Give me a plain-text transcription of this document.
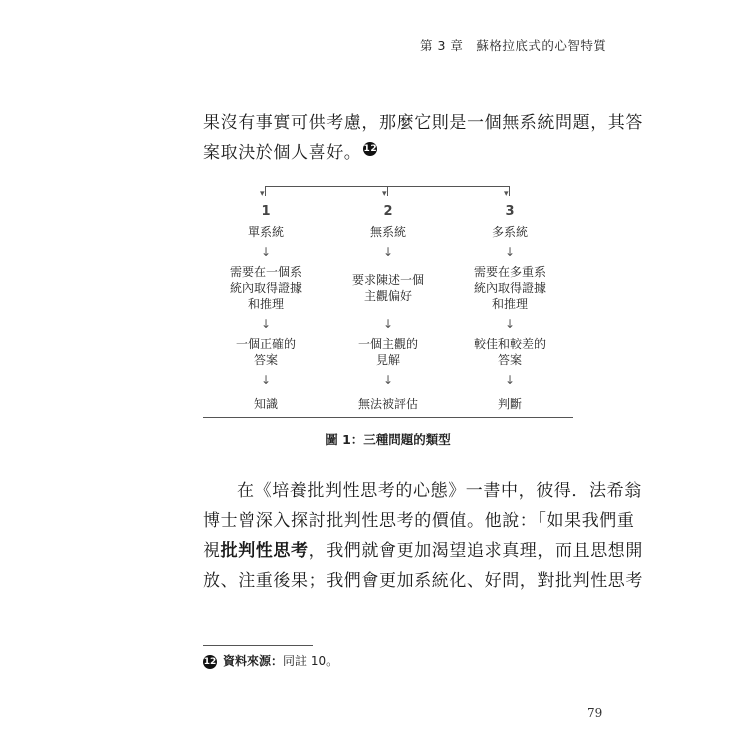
第 3 章　蘇格拉底式的心智特質

果沒有事實可供考慮，那麼它則是一個無系統問題，其答

案取決於個人喜好。 12

▾	▾	▾
1
單系統
↓
需要在一個系
統內取得證據
和推理
↓
一個正確的
答案
↓
知識
2
無系統
↓
要求陳述一個
主觀偏好
↓
一個主觀的
見解
↓
無法被評估
3
多系統
↓
需要在多重系
統內取得證據
和推理
↓
較佳和較差的
答案
↓
判斷
圖 1：三種問題的類型

在《培養批判性思考的心態》一書中，彼得．法希翁

博士曾深入探討批判性思考的價值。他說：「如果我們重

視批判性思考，我們就會更加渴望追求真理，而且思想開

放、注重後果；我們會更加系統化、好問，對批判性思考

12 資料來源：同註 10。
79
